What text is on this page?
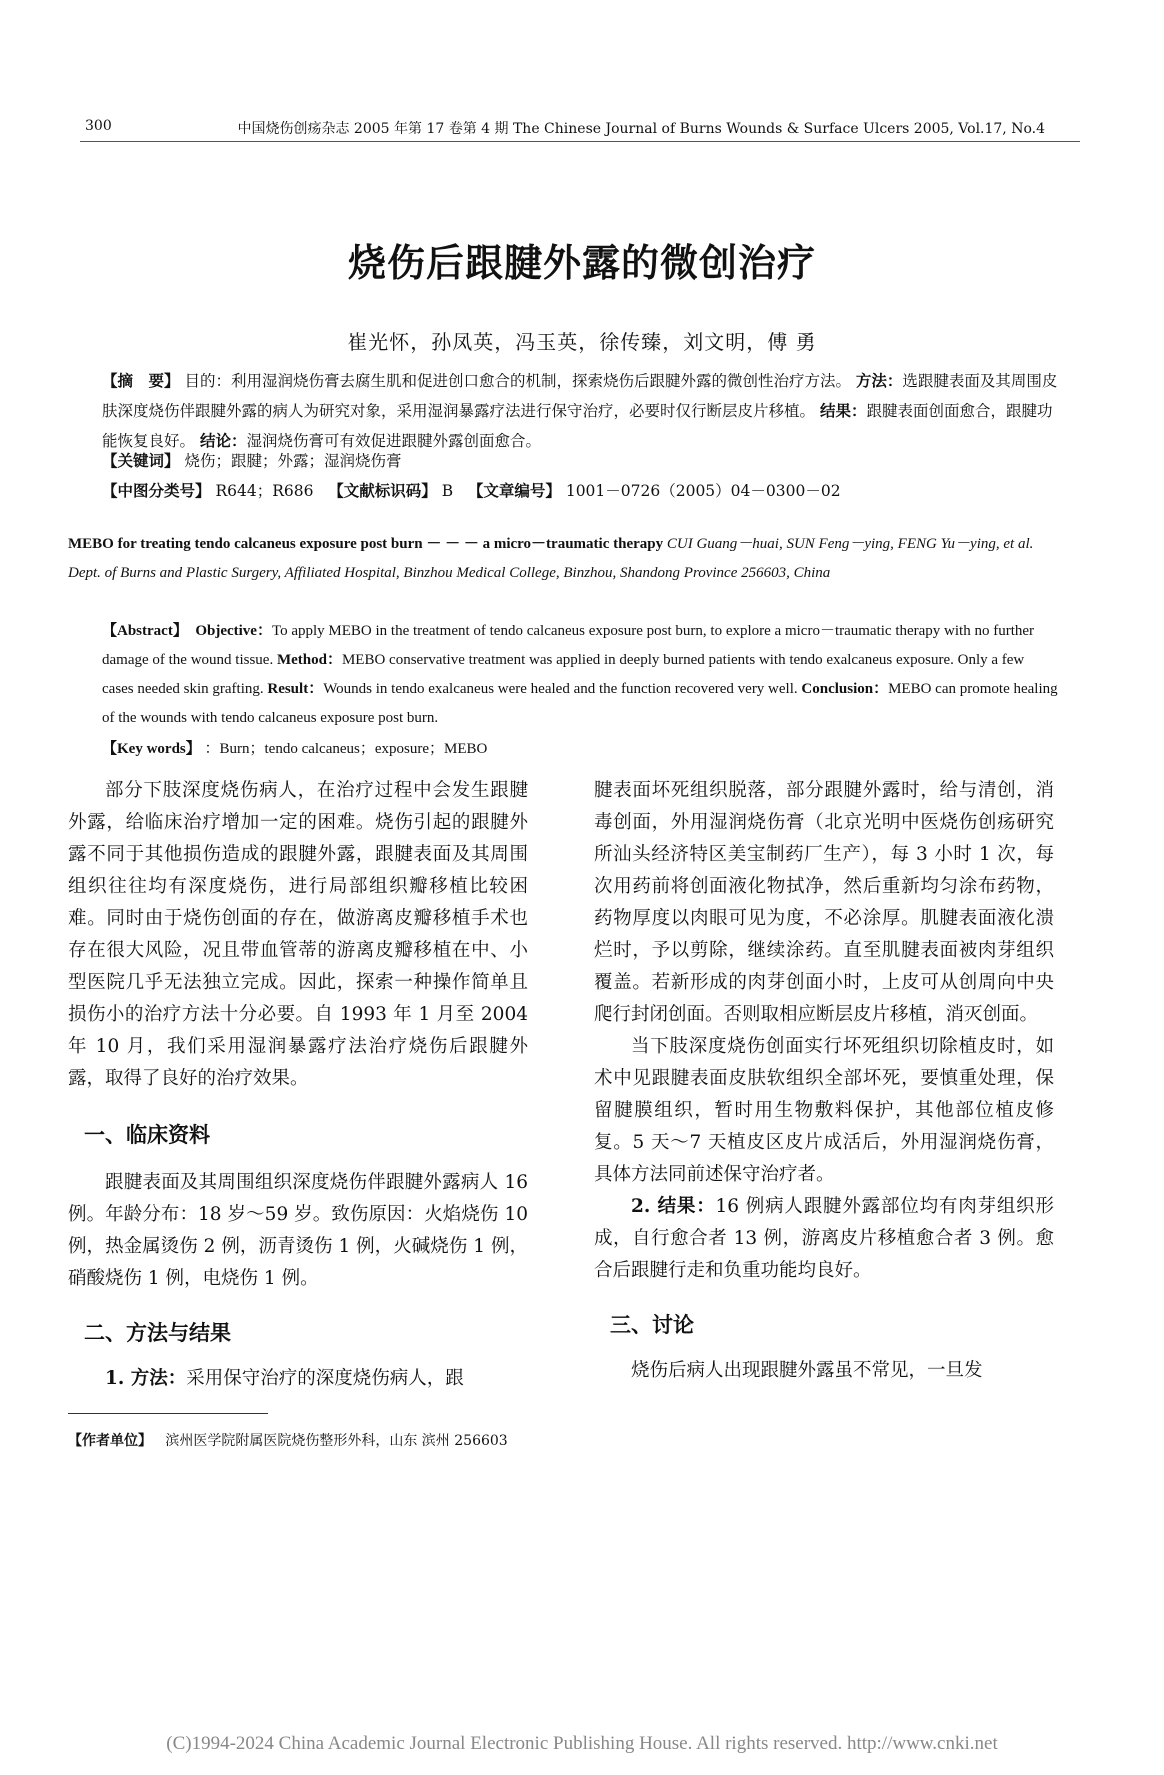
300	中国烧伤创疡杂志 2005 年第 17 卷第 4 期 The Chinese Journal of Burns Wounds & Surface Ulcers 2005, Vol.17, No.4
烧伤后跟腱外露的微创治疗
崔光怀，孙凤英，冯玉英，徐传臻，刘文明，傅 勇
【摘　要】 目的：利用湿润烧伤膏去腐生肌和促进创口愈合的机制，探索烧伤后跟腱外露的微创性治疗方法。 方法：选跟腱表面及其周围皮肤深度烧伤伴跟腱外露的病人为研究对象，采用湿润暴露疗法进行保守治疗，必要时仅行断层皮片移植。 结果：跟腱表面创面愈合，跟腱功能恢复良好。 结论：湿润烧伤膏可有效促进跟腱外露创面愈合。
【关键词】 烧伤；跟腱；外露；湿润烧伤膏
【中图分类号】 R644；R686 【文献标识码】 B 【文章编号】 1001－0726（2005）04－0300－02
MEBO for treating tendo calcaneus exposure post burn － － － a micro－traumatic therapy CUI Guang－huai, SUN Feng－ying, FENG Yu－ying, et al. Dept. of Burns and Plastic Surgery, Affiliated Hospital, Binzhou Medical College, Binzhou, Shandong Province 256603, China
【Abstract】 Objective：To apply MEBO in the treatment of tendo calcaneus exposure post burn, to explore a micro－traumatic therapy with no further damage of the wound tissue. Method：MEBO conservative treatment was applied in deeply burned patients with tendo exalcaneus exposure. Only a few cases needed skin grafting. Result：Wounds in tendo exalcaneus were healed and the function recovered very well. Conclusion：MEBO can promote healing of the wounds with tendo calcaneus exposure post burn.
【Key words】 ：Burn；tendo calcaneus；exposure；MEBO

部分下肢深度烧伤病人，在治疗过程中会发生跟腱外露，给临床治疗增加一定的困难。烧伤引起的跟腱外露不同于其他损伤造成的跟腱外露，跟腱表面及其周围组织往往均有深度烧伤，进行局部组织瓣移植比较困难。同时由于烧伤创面的存在，做游离皮瓣移植手术也存在很大风险，况且带血管蒂的游离皮瓣移植在中、小型医院几乎无法独立完成。因此，探索一种操作简单且损伤小的治疗方法十分必要。自 1993 年 1 月至 2004 年 10 月，我们采用湿润暴露疗法治疗烧伤后跟腱外露，取得了良好的治疗效果。

一、临床资料

跟腱表面及其周围组织深度烧伤伴跟腱外露病人 16 例。年龄分布：18 岁～59 岁。致伤原因：火焰烧伤 10 例，热金属烫伤 2 例，沥青烫伤 1 例，火碱烧伤 1 例，硝酸烧伤 1 例，电烧伤 1 例。

二、方法与结果

1. 方法：采用保守治疗的深度烧伤病人，跟

腱表面坏死组织脱落，部分跟腱外露时，给与清创，消毒创面，外用湿润烧伤膏（北京光明中医烧伤创疡研究所汕头经济特区美宝制药厂生产），每 3 小时 1 次，每次用药前将创面液化物拭净，然后重新均匀涂布药物，药物厚度以肉眼可见为度，不必涂厚。肌腱表面液化溃烂时，予以剪除，继续涂药。直至肌腱表面被肉芽组织覆盖。若新形成的肉芽创面小时，上皮可从创周向中央爬行封闭创面。否则取相应断层皮片移植，消灭创面。

当下肢深度烧伤创面实行坏死组织切除植皮时，如术中见跟腱表面皮肤软组织全部坏死，要慎重处理，保留腱膜组织，暂时用生物敷料保护，其他部位植皮修复。5 天～7 天植皮区皮片成活后，外用湿润烧伤膏，具体方法同前述保守治疗者。

2. 结果：16 例病人跟腱外露部位均有肉芽组织形成，自行愈合者 13 例，游离皮片移植愈合者 3 例。愈合后跟腱行走和负重功能均良好。

三、讨论

烧伤后病人出现跟腱外露虽不常见，一旦发

【作者单位】 滨州医学院附属医院烧伤整形外科，山东 滨州 256603
(C)1994-2024 China Academic Journal Electronic Publishing House. All rights reserved. http://www.cnki.net
